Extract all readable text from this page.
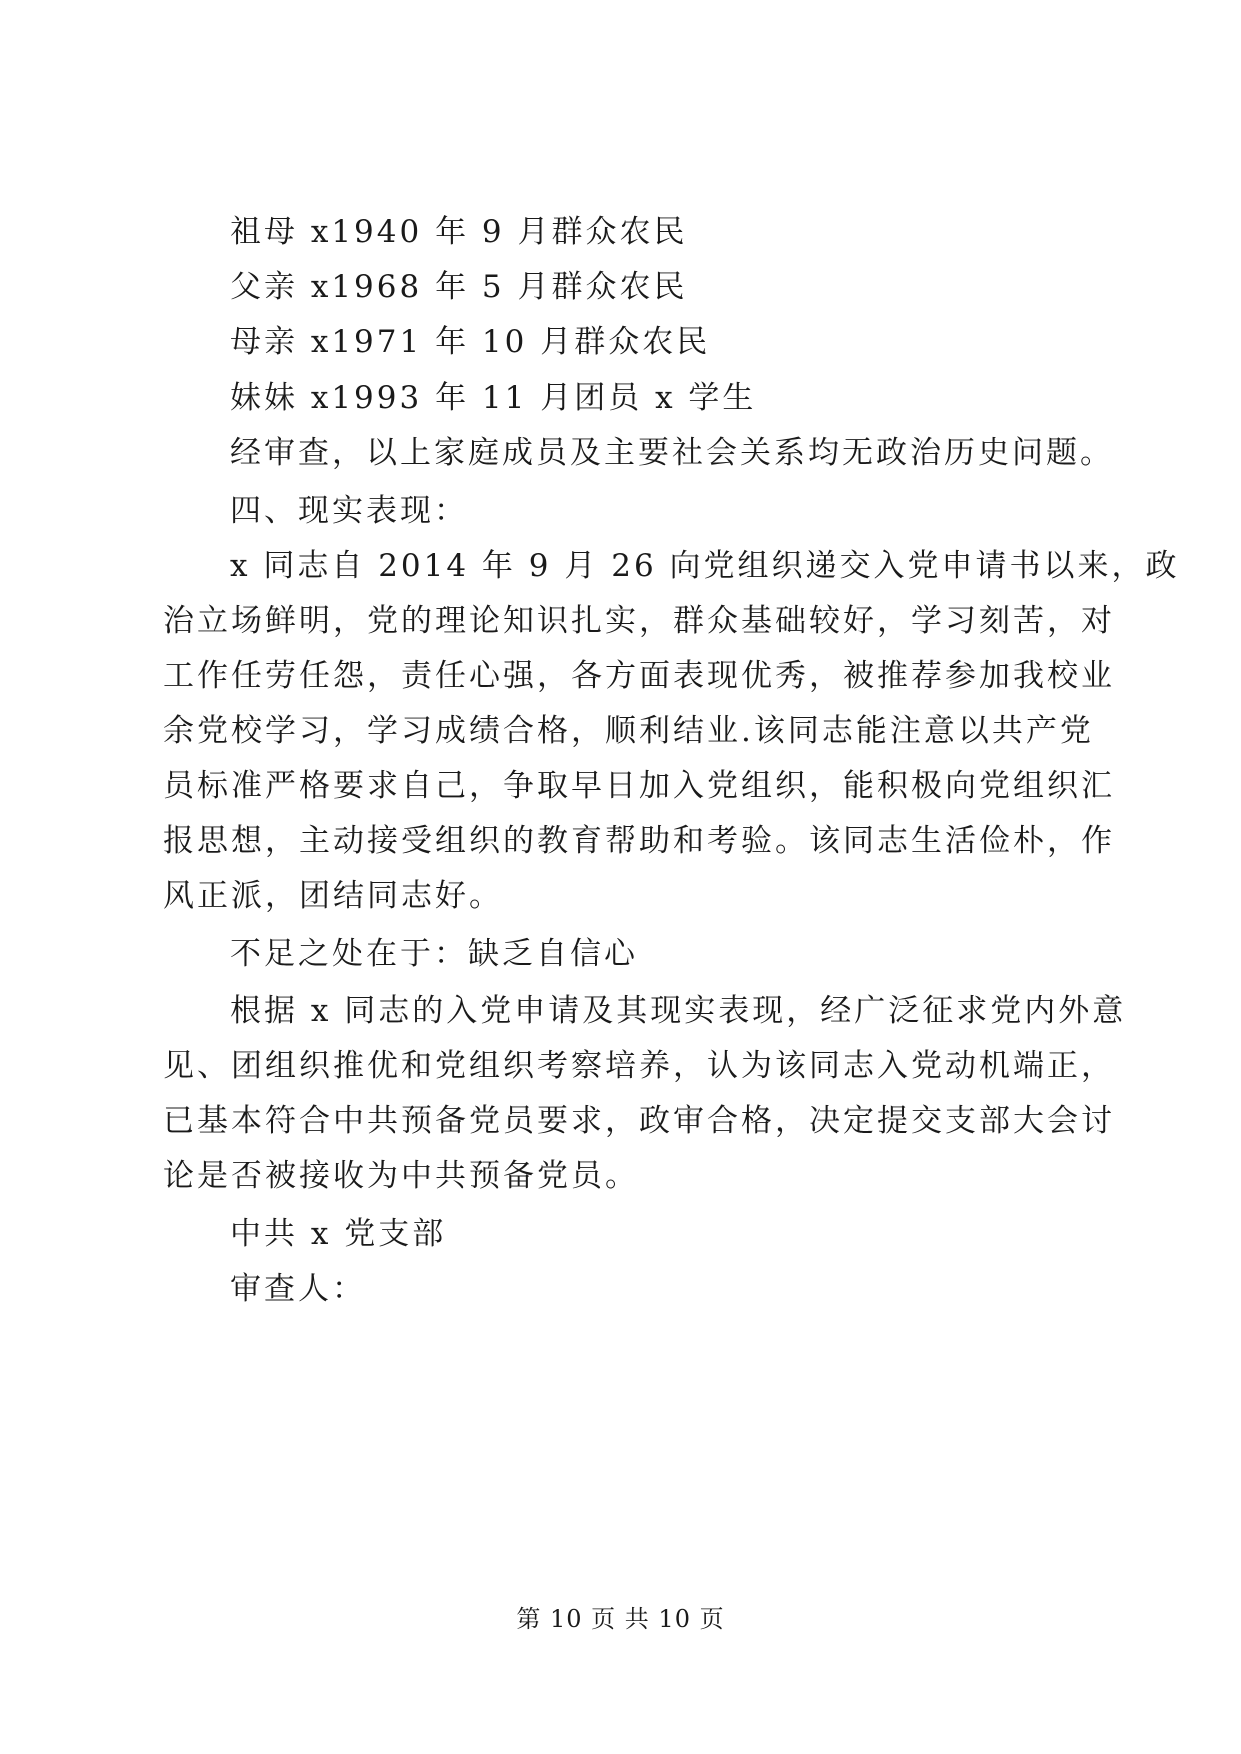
祖母 x1940 年 9 月群众农民
父亲 x1968 年 5 月群众农民
母亲 x1971 年 10 月群众农民
妹妹 x1993 年 11 月团员 x 学生
经审查，以上家庭成员及主要社会关系均无政治历史问题。
四、现实表现：
x 同志自 2014 年 9 月 26 向党组织递交入党申请书以来，政
治立场鲜明，党的理论知识扎实，群众基础较好，学习刻苦，对
工作任劳任怨，责任心强，各方面表现优秀，被推荐参加我校业
余党校学习，学习成绩合格，顺利结业.该同志能注意以共产党
员标准严格要求自己，争取早日加入党组织，能积极向党组织汇
报思想，主动接受组织的教育帮助和考验。该同志生活俭朴，作
风正派，团结同志好。
不足之处在于：缺乏自信心
根据 x 同志的入党申请及其现实表现，经广泛征求党内外意
见、团组织推优和党组织考察培养，认为该同志入党动机端正，
已基本符合中共预备党员要求，政审合格，决定提交支部大会讨
论是否被接收为中共预备党员。
中共 x 党支部
审查人：
第 10 页 共 10 页
